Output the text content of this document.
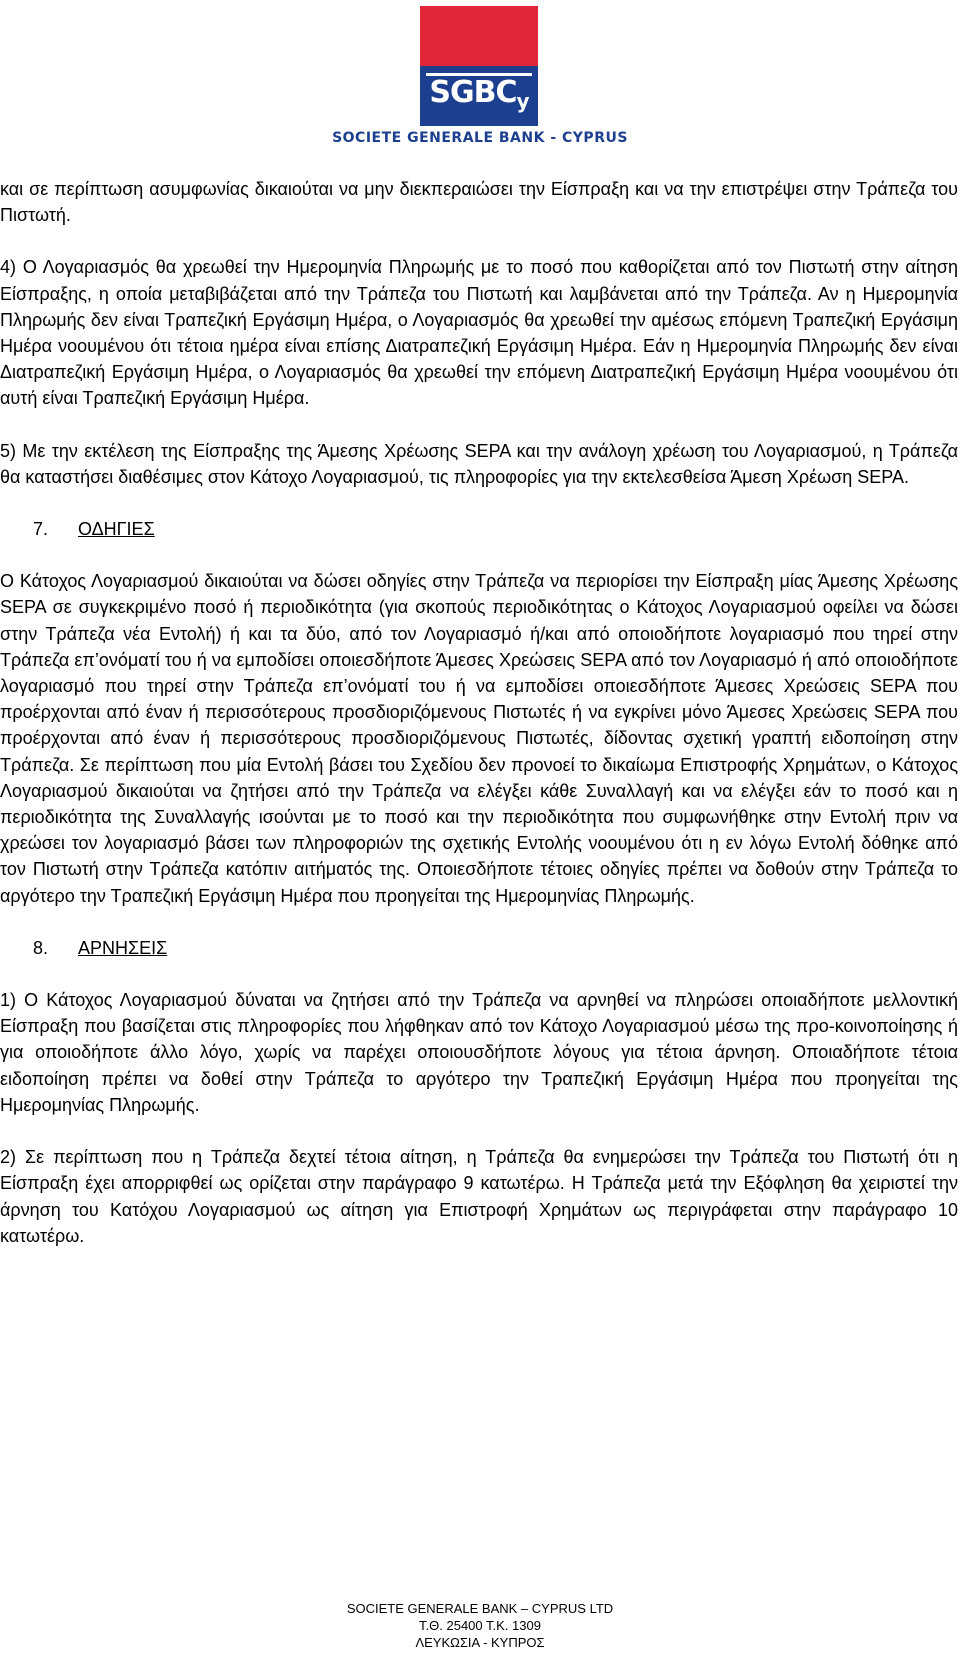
$SGBC_y$
SOCIETE GENERALE BANK - CYPRUS

και σε περίπτωση ασυμφωνίας δικαιούται να μην διεκπεραιώσει την Είσπραξη και να την επιστρέψει στην Τράπεζα του Πιστωτή.

4) Ο Λογαριασμός θα χρεωθεί την Ημερομηνία Πληρωμής με το ποσό που καθορίζεται από τον Πιστωτή στην αίτηση Είσπραξης, η οποία μεταβιβάζεται από την Τράπεζα του Πιστωτή και λαμβάνεται από την Τράπεζα. Αν η Ημερομηνία Πληρωμής δεν είναι Τραπεζική Εργάσιμη Ημέρα, ο Λογαριασμός θα χρεωθεί την αμέσως επόμενη Τραπεζική Εργάσιμη Ημέρα νοουμένου ότι τέτοια ημέρα είναι επίσης Διατραπεζική Εργάσιμη Ημέρα. Εάν η Ημερομηνία Πληρωμής δεν είναι Διατραπεζική Εργάσιμη Ημέρα, ο Λογαριασμός θα χρεωθεί την επόμενη Διατραπεζική Εργάσιμη Ημέρα νοουμένου ότι αυτή είναι Τραπεζική Εργάσιμη Ημέρα.

5) Με την εκτέλεση της Είσπραξης της Άμεσης Χρέωσης SEPA και την ανάλογη χρέωση του Λογαριασμού, η Τράπεζα θα καταστήσει διαθέσιμες στον Κάτοχο Λογαριασμού, τις πληροφορίες για την εκτελεσθείσα Άμεση Χρέωση SEPA.

7. ΟΔΗΓΙΕΣ

Ο Κάτοχος Λογαριασμού δικαιούται να δώσει οδηγίες στην Τράπεζα να περιορίσει την Είσπραξη μίας Άμεσης Χρέωσης SEPA σε συγκεκριμένο ποσό ή περιοδικότητα (για σκοπούς περιοδικότητας ο Κάτοχος Λογαριασμού οφείλει να δώσει στην Τράπεζα νέα Εντολή) ή και τα δύο, από τον Λογαριασμό ή/και από οποιοδήποτε λογαριασμό που τηρεί στην Τράπεζα επ’ονόματί του ή να εμποδίσει οποιεσδήποτε Άμεσες Χρεώσεις SEPA από τον Λογαριασμό ή από οποιοδήποτε λογαριασμό που τηρεί στην Τράπεζα επ’ονόματί του ή να εμποδίσει οποιεσδήποτε Άμεσες Χρεώσεις SEPA που προέρχονται από έναν ή περισσότερους προσδιοριζόμενους Πιστωτές ή να εγκρίνει μόνο Άμεσες Χρεώσεις SEPA που προέρχονται από έναν ή περισσότερους προσδιοριζόμενους Πιστωτές, δίδοντας σχετική γραπτή ειδοποίηση στην Τράπεζα. Σε περίπτωση που μία Εντολή βάσει του Σχεδίου δεν προνοεί το δικαίωμα Επιστροφής Χρημάτων, ο Κάτοχος Λογαριασμού δικαιούται να ζητήσει από την Τράπεζα να ελέγξει κάθε Συναλλαγή και να ελέγξει εάν το ποσό και η περιοδικότητα της Συναλλαγής ισούνται με το ποσό και την περιοδικότητα που συμφωνήθηκε στην Εντολή πριν να χρεώσει τον λογαριασμό βάσει των πληροφοριών της σχετικής Εντολής νοουμένου ότι η εν λόγω Εντολή δόθηκε από τον Πιστωτή στην Τράπεζα κατόπιν αιτήματός της. Οποιεσδήποτε τέτοιες οδηγίες πρέπει να δοθούν στην Τράπεζα το αργότερο την Τραπεζική Εργάσιμη Ημέρα που προηγείται της Ημερομηνίας Πληρωμής.

8. ΑΡΝΗΣΕΙΣ

1) Ο Κάτοχος Λογαριασμού δύναται να ζητήσει από την Τράπεζα να αρνηθεί να πληρώσει οποιαδήποτε μελλοντική Είσπραξη που βασίζεται στις πληροφορίες που λήφθηκαν από τον Κάτοχο Λογαριασμού μέσω της προ-κοινοποίησης ή για οποιοδήποτε άλλο λόγο, χωρίς να παρέχει οποιουσδήποτε λόγους για τέτοια άρνηση. Οποιαδήποτε τέτοια ειδοποίηση πρέπει να δοθεί στην Τράπεζα το αργότερο την Τραπεζική Εργάσιμη Ημέρα που προηγείται της Ημερομηνίας Πληρωμής.

2) Σε περίπτωση που η Τράπεζα δεχτεί τέτοια αίτηση, η Τράπεζα θα ενημερώσει την Τράπεζα του Πιστωτή ότι η Είσπραξη έχει απορριφθεί ως ορίζεται στην παράγραφο 9 κατωτέρω. Η Τράπεζα μετά την Εξόφληση θα χειριστεί την άρνηση του Κατόχου Λογαριασμού ως αίτηση για Επιστροφή Χρημάτων ως περιγράφεται στην παράγραφο 10 κατωτέρω.

SOCIETE GENERALE BANK – CYPRUS LTD
Τ.Θ. 25400 Τ.Κ. 1309
ΛΕΥΚΩΣΙΑ - ΚΥΠΡΟΣ
